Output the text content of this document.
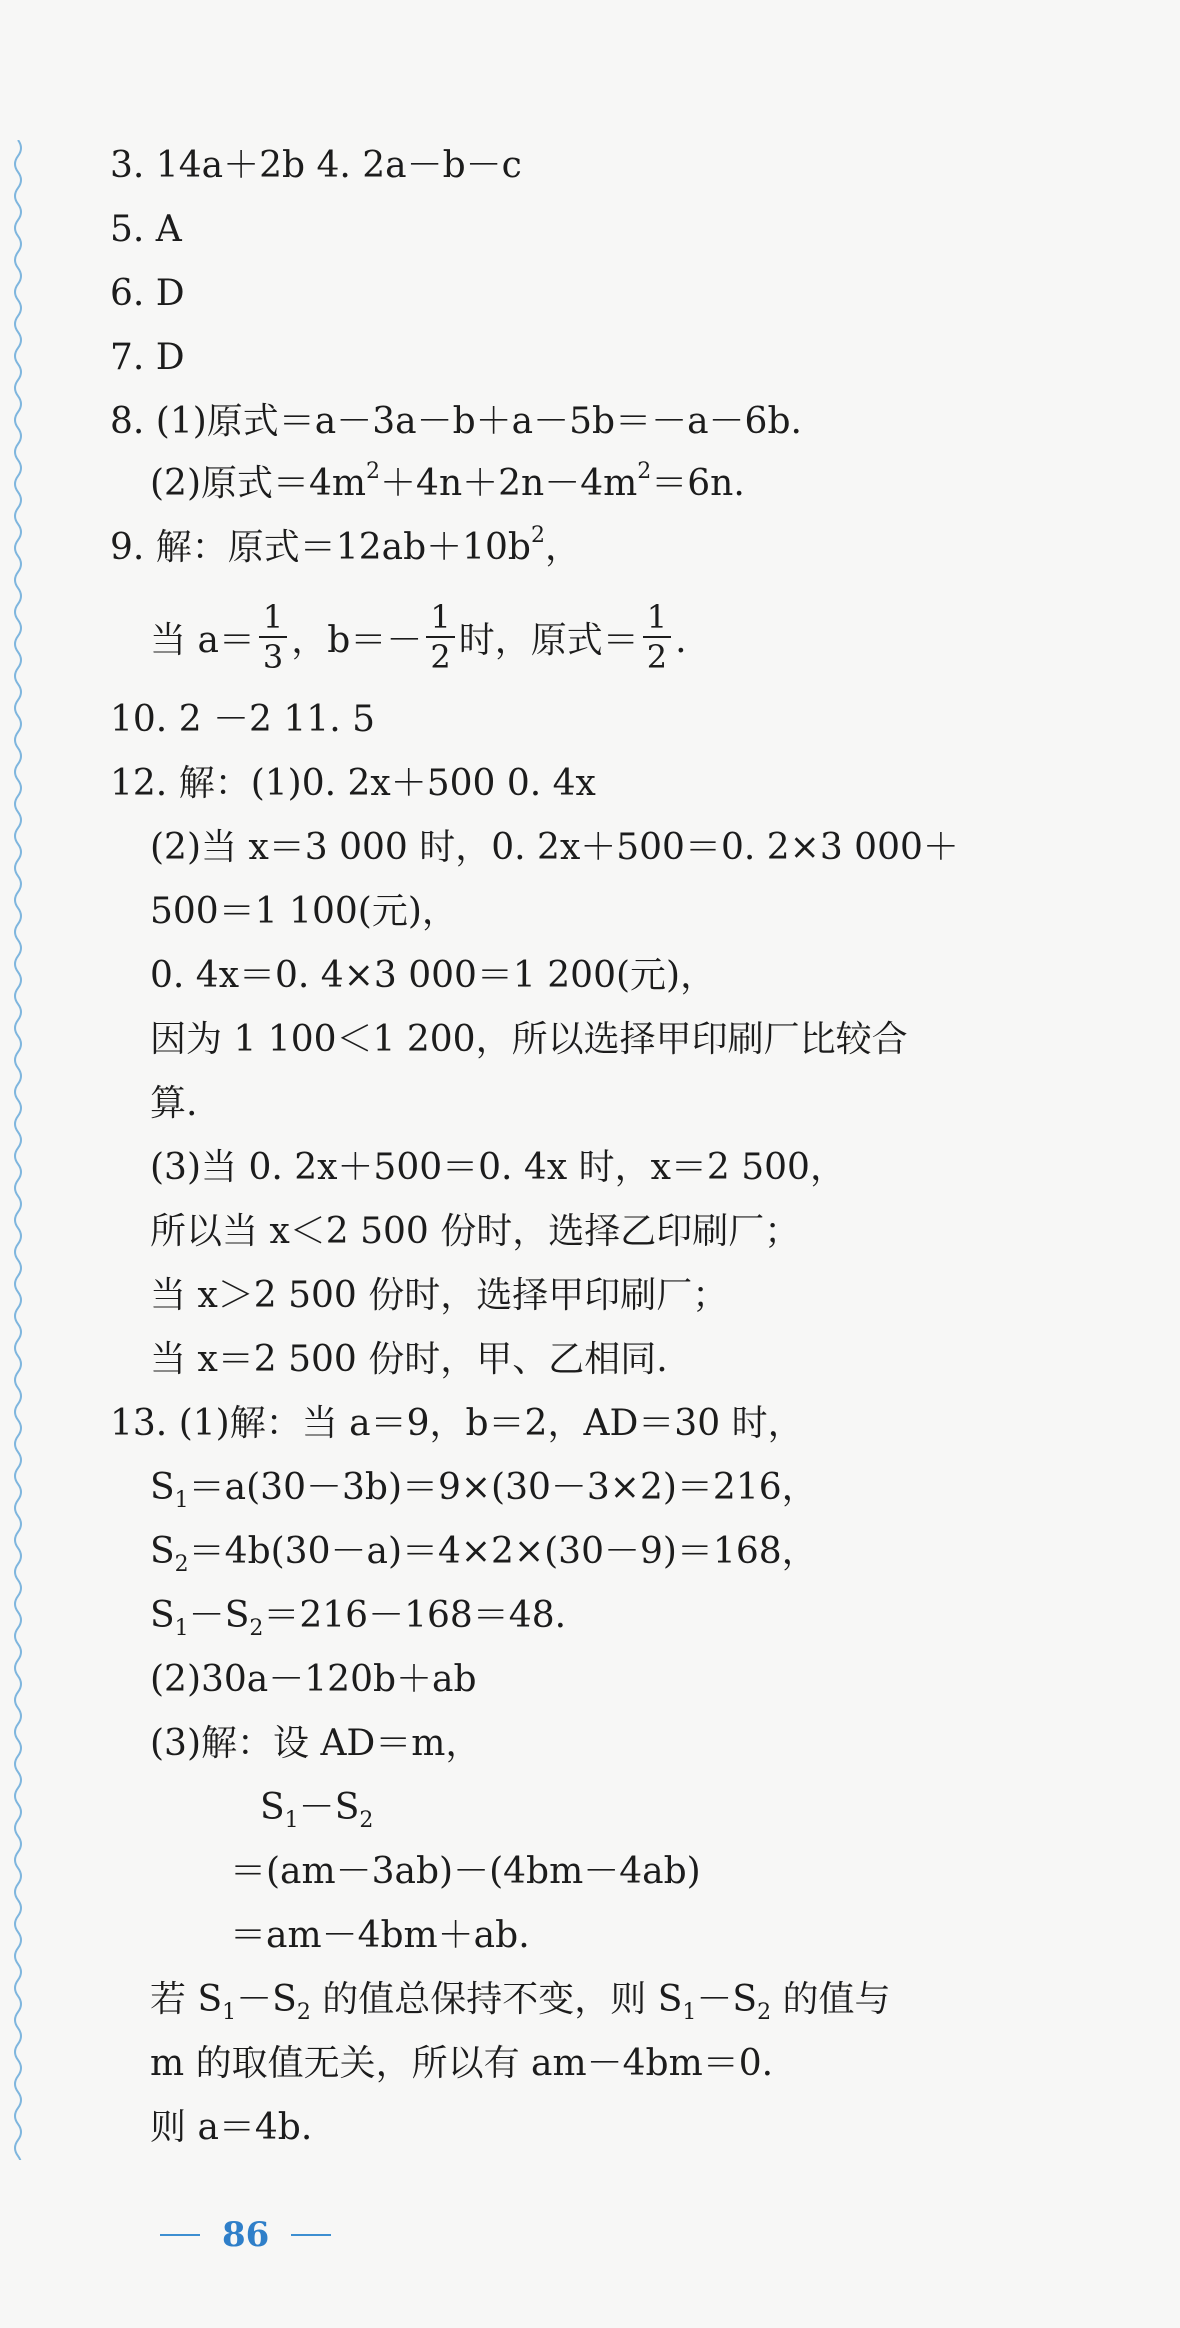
3. 14a＋2b 4. 2a－b－c
5. A
6. D
7. D
8. (1)原式＝a－3a－b＋a－5b＝－a－6b.
(2)原式$=4m^2+4n+2n-4m^2=6n$.
9. 解：原式$=12ab+10b^2$，
当 $a= \frac{1}{3}$ ，$b=- \frac{1}{2}$ 时，原式＝ $\frac{1}{2}$ .
10. 2 －2 11. 5
12. 解：(1)0. 2x＋500 0. 4x
(2)当 x＝3 000 时，0. 2x＋500＝0. 2×3 000＋
500＝1 100(元)，
0. 4x＝0. 4×3 000＝1 200(元)，
因为 1 100＜1 200，所以选择甲印刷厂比较合
算.
(3)当 0. 2x＋500＝0. 4x 时，x＝2 500，
所以当 x＜2 500 份时，选择乙印刷厂；
当 x＞2 500 份时，选择甲印刷厂；
当 x＝2 500 份时，甲、乙相同.
13. (1)解：当 a＝9，b＝2，AD＝30 时，
$S_1=a(30-3b)=9\times(30-3\times 2)=216$，
$S_2=4b(30-a)=4\times 2\times(30-9)=168$，
$S_1-S_2=216-168=48$.
(2)30a－120b＋ab
(3)解：设 AD＝m，
$S_1-S_2$
＝(am－3ab)－(4bm－4ab)
＝am－4bm＋ab.
若 $S_1-S_2$ 的值总保持不变，则 $S_1-S_2$ 的值与
m 的取值无关，所以有 am－4bm＝0.
则 a＝4b.
86
